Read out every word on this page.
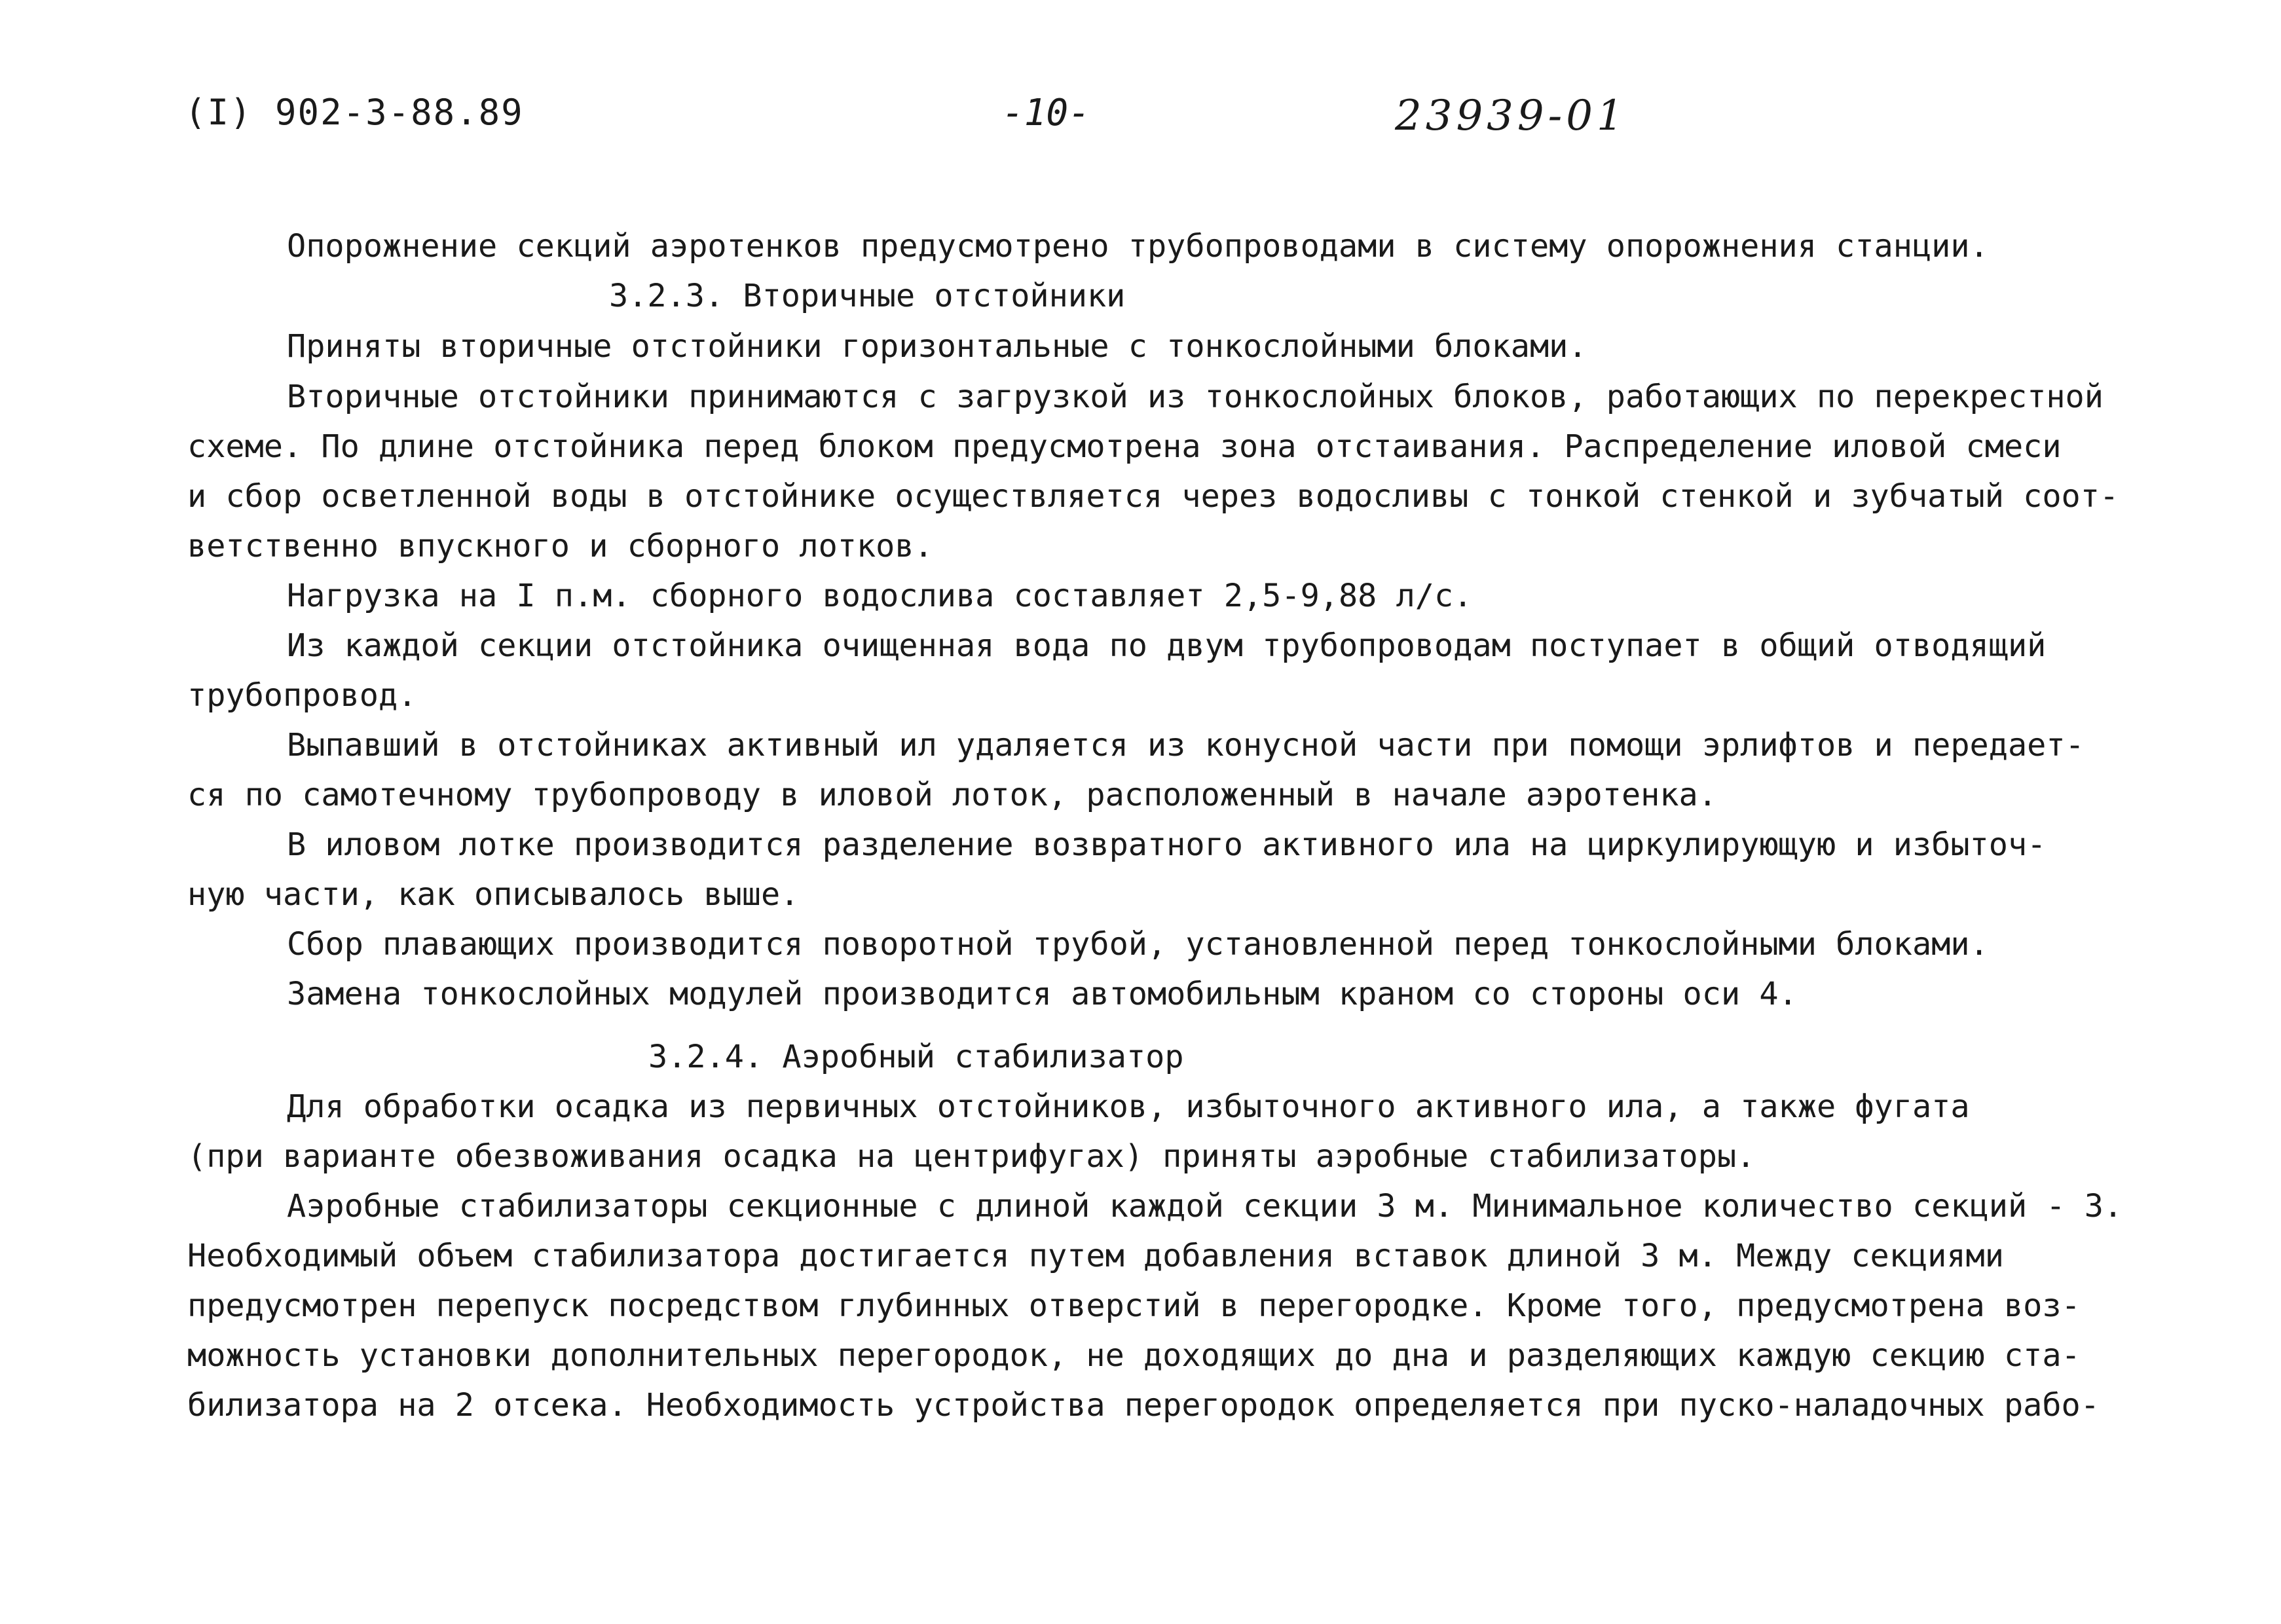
(I) 902-3-88.89	-10-	23939-01
Опорожнение секций аэротенков предусмотрено трубопроводами в систему опорожнения станции.
3.2.3. Вторичные отстойники
Приняты вторичные отстойники горизонтальные с тонкослойными блоками.
Вторичные отстойники принимаются с загрузкой из тонкослойных блоков, работающих по перекрестной
схеме. По длине отстойника перед блоком предусмотрена зона отстаивания. Распределение иловой смеси
и сбор осветленной воды в отстойнике осуществляется через водосливы с тонкой стенкой и зубчатый соот-
ветственно впускного и сборного лотков.
Нагрузка на I п.м. сборного водослива составляет 2,5-9,88 л/с.
Из каждой секции отстойника очищенная вода по двум трубопроводам поступает в общий отводящий
трубопровод.
Выпавший в отстойниках активный ил удаляется из конусной части при помощи эрлифтов и передает-
ся по самотечному трубопроводу в иловой лоток, расположенный в начале аэротенка.
В иловом лотке производится разделение возвратного активного ила на циркулирующую и избыточ-
ную части, как описывалось выше.
Сбор плавающих производится поворотной трубой, установленной перед тонкослойными блоками.
Замена тонкослойных модулей производится автомобильным краном со стороны оси 4.
3.2.4. Аэробный стабилизатор
Для обработки осадка из первичных отстойников, избыточного активного ила, а также фугата
(при варианте обезвоживания осадка на центрифугах) приняты аэробные стабилизаторы.
Аэробные стабилизаторы секционные с длиной каждой секции 3 м. Минимальное количество секций - 3.
Необходимый объем стабилизатора достигается путем добавления вставок длиной 3 м. Между секциями
предусмотрен перепуск посредством глубинных отверстий в перегородке. Кроме того, предусмотрена воз-
можность установки дополнительных перегородок, не доходящих до дна и разделяющих каждую секцию ста-
билизатора на 2 отсека. Необходимость устройства перегородок определяется при пуско-наладочных рабо-
